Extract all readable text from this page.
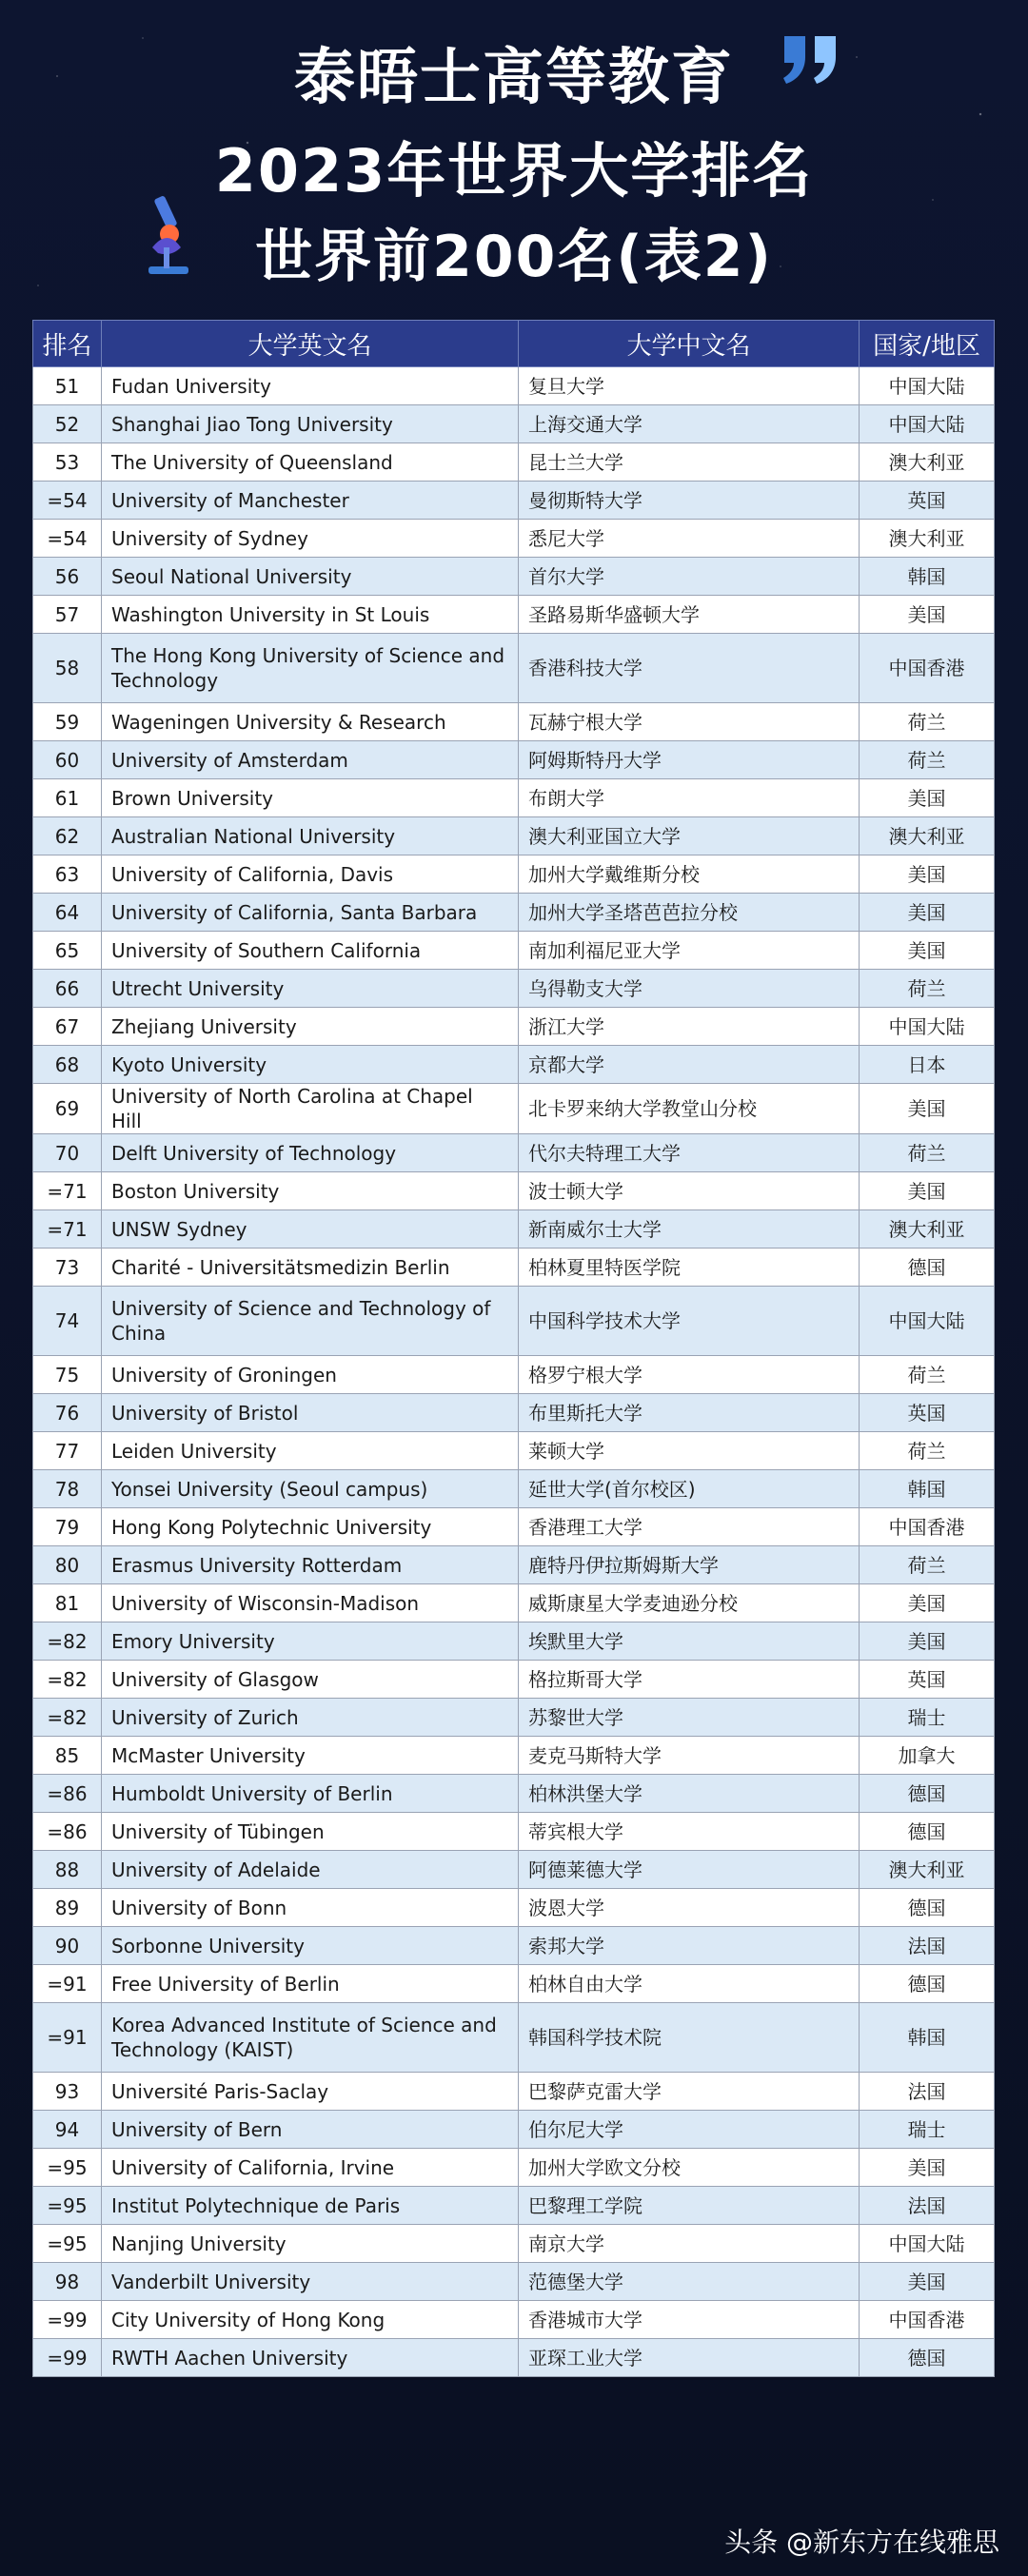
泰晤士高等教育
2023年世界大学排名
世界前200名(表2)
排名	大学英文名	大学中文名	国家/地区
51	Fudan University	复旦大学	中国大陆
52	Shanghai Jiao Tong University	上海交通大学	中国大陆
53	The University of Queensland	昆士兰大学	澳大利亚
=54	University of Manchester	曼彻斯特大学	英国
=54	University of Sydney	悉尼大学	澳大利亚
56	Seoul National University	首尔大学	韩国
57	Washington University in St Louis	圣路易斯华盛顿大学	美国
58	The Hong Kong University of Science and Technology	香港科技大学	中国香港
59	Wageningen University & Research	瓦赫宁根大学	荷兰
60	University of Amsterdam	阿姆斯特丹大学	荷兰
61	Brown University	布朗大学	美国
62	Australian National University	澳大利亚国立大学	澳大利亚
63	University of California, Davis	加州大学戴维斯分校	美国
64	University of California, Santa Barbara	加州大学圣塔芭芭拉分校	美国
65	University of Southern California	南加利福尼亚大学	美国
66	Utrecht University	乌得勒支大学	荷兰
67	Zhejiang University	浙江大学	中国大陆
68	Kyoto University	京都大学	日本
69	University of North Carolina at Chapel Hill	北卡罗来纳大学教堂山分校	美国
70	Delft University of Technology	代尔夫特理工大学	荷兰
=71	Boston University	波士顿大学	美国
=71	UNSW Sydney	新南威尔士大学	澳大利亚
73	Charité - Universitätsmedizin Berlin	柏林夏里特医学院	德国
74	University of Science and Technology of China	中国科学技术大学	中国大陆
75	University of Groningen	格罗宁根大学	荷兰
76	University of Bristol	布里斯托大学	英国
77	Leiden University	莱顿大学	荷兰
78	Yonsei University (Seoul campus)	延世大学(首尔校区)	韩国
79	Hong Kong Polytechnic University	香港理工大学	中国香港
80	Erasmus University Rotterdam	鹿特丹伊拉斯姆斯大学	荷兰
81	University of Wisconsin-Madison	威斯康星大学麦迪逊分校	美国
=82	Emory University	埃默里大学	美国
=82	University of Glasgow	格拉斯哥大学	英国
=82	University of Zurich	苏黎世大学	瑞士
85	McMaster University	麦克马斯特大学	加拿大
=86	Humboldt University of Berlin	柏林洪堡大学	德国
=86	University of Tübingen	蒂宾根大学	德国
88	University of Adelaide	阿德莱德大学	澳大利亚
89	University of Bonn	波恩大学	德国
90	Sorbonne University	索邦大学	法国
=91	Free University of Berlin	柏林自由大学	德国
=91	Korea Advanced Institute of Science and Technology (KAIST)	韩国科学技术院	韩国
93	Université Paris-Saclay	巴黎萨克雷大学	法国
94	University of Bern	伯尔尼大学	瑞士
=95	University of California, Irvine	加州大学欧文分校	美国
=95	Institut Polytechnique de Paris	巴黎理工学院	法国
=95	Nanjing University	南京大学	中国大陆
98	Vanderbilt University	范德堡大学	美国
=99	City University of Hong Kong	香港城市大学	中国香港
=99	RWTH Aachen University	亚琛工业大学	德国
头条 @新东方在线雅思
